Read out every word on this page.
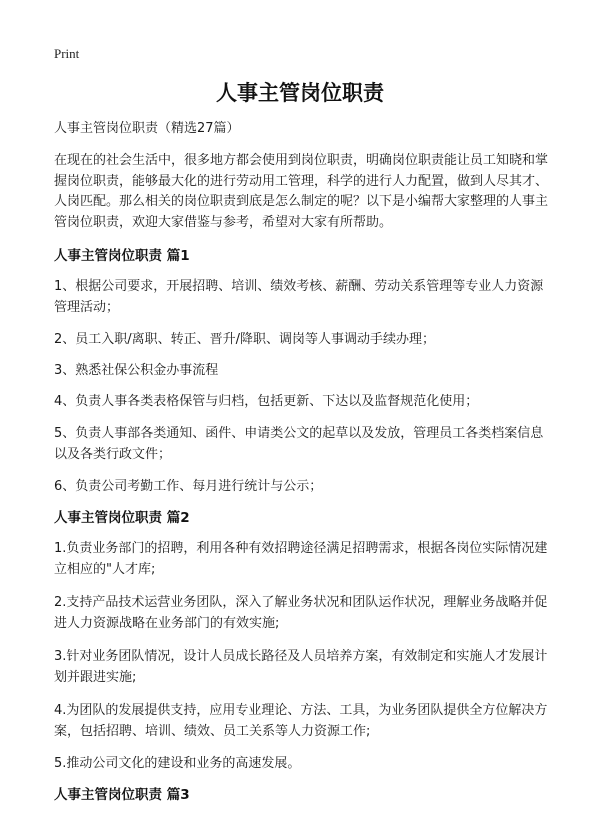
Print
人事主管岗位职责

人事主管岗位职责（精选27篇）

在现在的社会生活中，很多地方都会使用到岗位职责，明确岗位职责能让员工知晓和掌握岗位职责，能够最大化的进行劳动用工管理，科学的进行人力配置，做到人尽其才、人岗匹配。那么相关的岗位职责到底是怎么制定的呢？以下是小编帮大家整理的人事主管岗位职责，欢迎大家借鉴与参考，希望对大家有所帮助。

人事主管岗位职责 篇1

1、根据公司要求，开展招聘、培训、绩效考核、薪酬、劳动关系管理等专业人力资源管理活动；

2、员工入职/离职、转正、晋升/降职、调岗等人事调动手续办理；

3、熟悉社保公积金办事流程

4、负责人事各类表格保管与归档，包括更新、下达以及监督规范化使用；

5、负责人事部各类通知、函件、申请类公文的起草以及发放，管理员工各类档案信息以及各类行政文件；

6、负责公司考勤工作、每月进行统计与公示；

人事主管岗位职责 篇2

1.负责业务部门的招聘，利用各种有效招聘途径满足招聘需求，根据各岗位实际情况建立相应的"人才库;

2.支持产品技术运营业务团队，深入了解业务状况和团队运作状况，理解业务战略并促进人力资源战略在业务部门的有效实施;

3.针对业务团队情况，设计人员成长路径及人员培养方案，有效制定和实施人才发展计划并跟进实施;

4.为团队的发展提供支持，应用专业理论、方法、工具，为业务团队提供全方位解决方案，包括招聘、培训、绩效、员工关系等人力资源工作;

5.推动公司文化的建设和业务的高速发展。

人事主管岗位职责 篇3
